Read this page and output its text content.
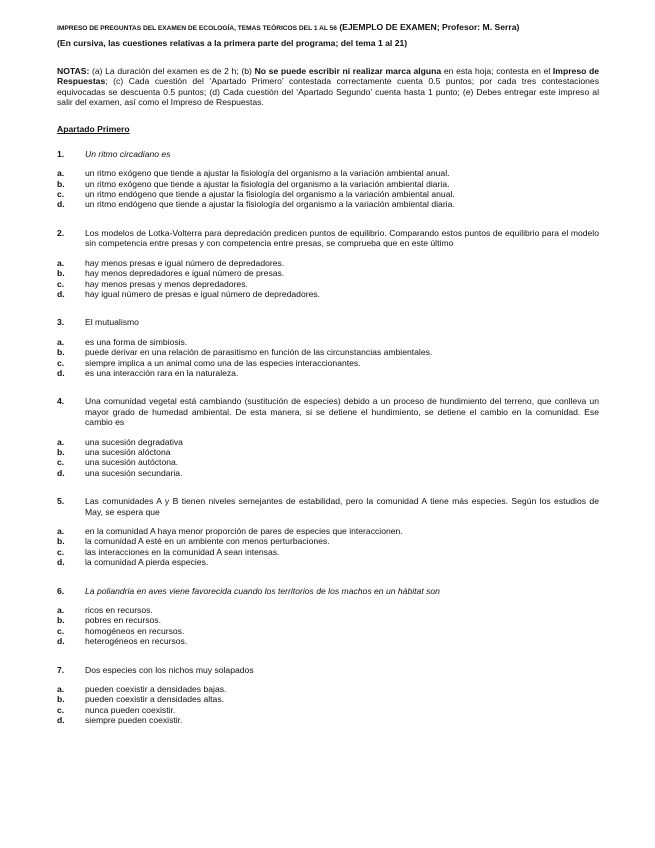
IMPRESO DE PREGUNTAS DEL EXAMEN DE ECOLOGÍA, TEMAS TEÓRICOS DEL 1 AL 56 (EJEMPLO DE EXAMEN; Profesor: M. Serra)
(En cursiva, las cuestiones relativas a la primera parte del programa; del tema 1 al 21)
NOTAS: (a) La duración del examen es de 2 h; (b) No se puede escribir ni realizar marca alguna en esta hoja; contesta en el Impreso de Respuestas; (c) Cada cuestión del ‘Apartado Primero’ contestada correctamente cuenta 0.5 puntos; por cada tres contestaciones equivocadas se descuenta 0.5 puntos; (d) Cada cuestión del ‘Apartado Segundo’ cuenta hasta 1 punto; (e) Debes entregar este impreso al salir del examen, así como el Impreso de Respuestas.
Apartado Primero
1. Un ritmo circadiano es
a. un ritmo exógeno que tiende a ajustar la fisiología del organismo a la variación ambiental anual.
b. un ritmo exógeno que tiende a ajustar la fisiología del organismo a la variación ambiental diaria.
c. un ritmo endógeno que tiende a ajustar la fisiología del organismo a la variación ambiental anual.
d. un ritmo endógeno que tiende a ajustar la fisiología del organismo a la variación ambiental diaria.
2. Los modelos de Lotka-Volterra para depredación predicen puntos de equilibrio. Comparando estos puntos de equilibrio para el modelo sin competencia entre presas y con competencia entre presas, se comprueba que en este último
a. hay menos presas e igual número de depredadores.
b. hay menos depredadores e igual número de presas.
c. hay menos presas y menos depredadores.
d. hay igual número de presas e igual número de depredadores.
3. El mutualismo
a. es una forma de simbiosis.
b. puede derivar en una relación de parasitismo en función de las circunstancias ambientales.
c. siempre implica a un animal como una de las especies interaccionantes.
d. es una interacción rara en la naturaleza.
4. Una comunidad vegetal está cambiando (sustitución de especies) debido a un proceso de hundimiento del terreno, que conlleva un mayor grado de humedad ambiental. De esta manera, si se detiene el hundimiento, se detiene el cambio en la comunidad. Ese cambio es
a. una sucesión degradativa
b. una sucesión alóctona
c. una sucesión autóctona.
d. una sucesión secundaria.
5. Las comunidades A y B tienen niveles semejantes de estabilidad, pero la comunidad A tiene más especies. Según los estudios de May, se espera que
a. en la comunidad A haya menor proporción de pares de especies que interaccionen.
b. la comunidad A esté en un ambiente con menos perturbaciones.
c. las interacciones en la comunidad A sean intensas.
d. la comunidad A pierda especies.
6. La poliandria en aves viene favorecida cuando los territorios de los machos en un hábitat son
a. ricos en recursos.
b. pobres en recursos.
c. homogéneos en recursos.
d. heterogéneos en recursos.
7. Dos especies con los nichos muy solapados
a. pueden coexistir a densidades bajas.
b. pueden coexistir a densidades altas.
c. nunca pueden coexistir.
d. siempre pueden coexistir.
